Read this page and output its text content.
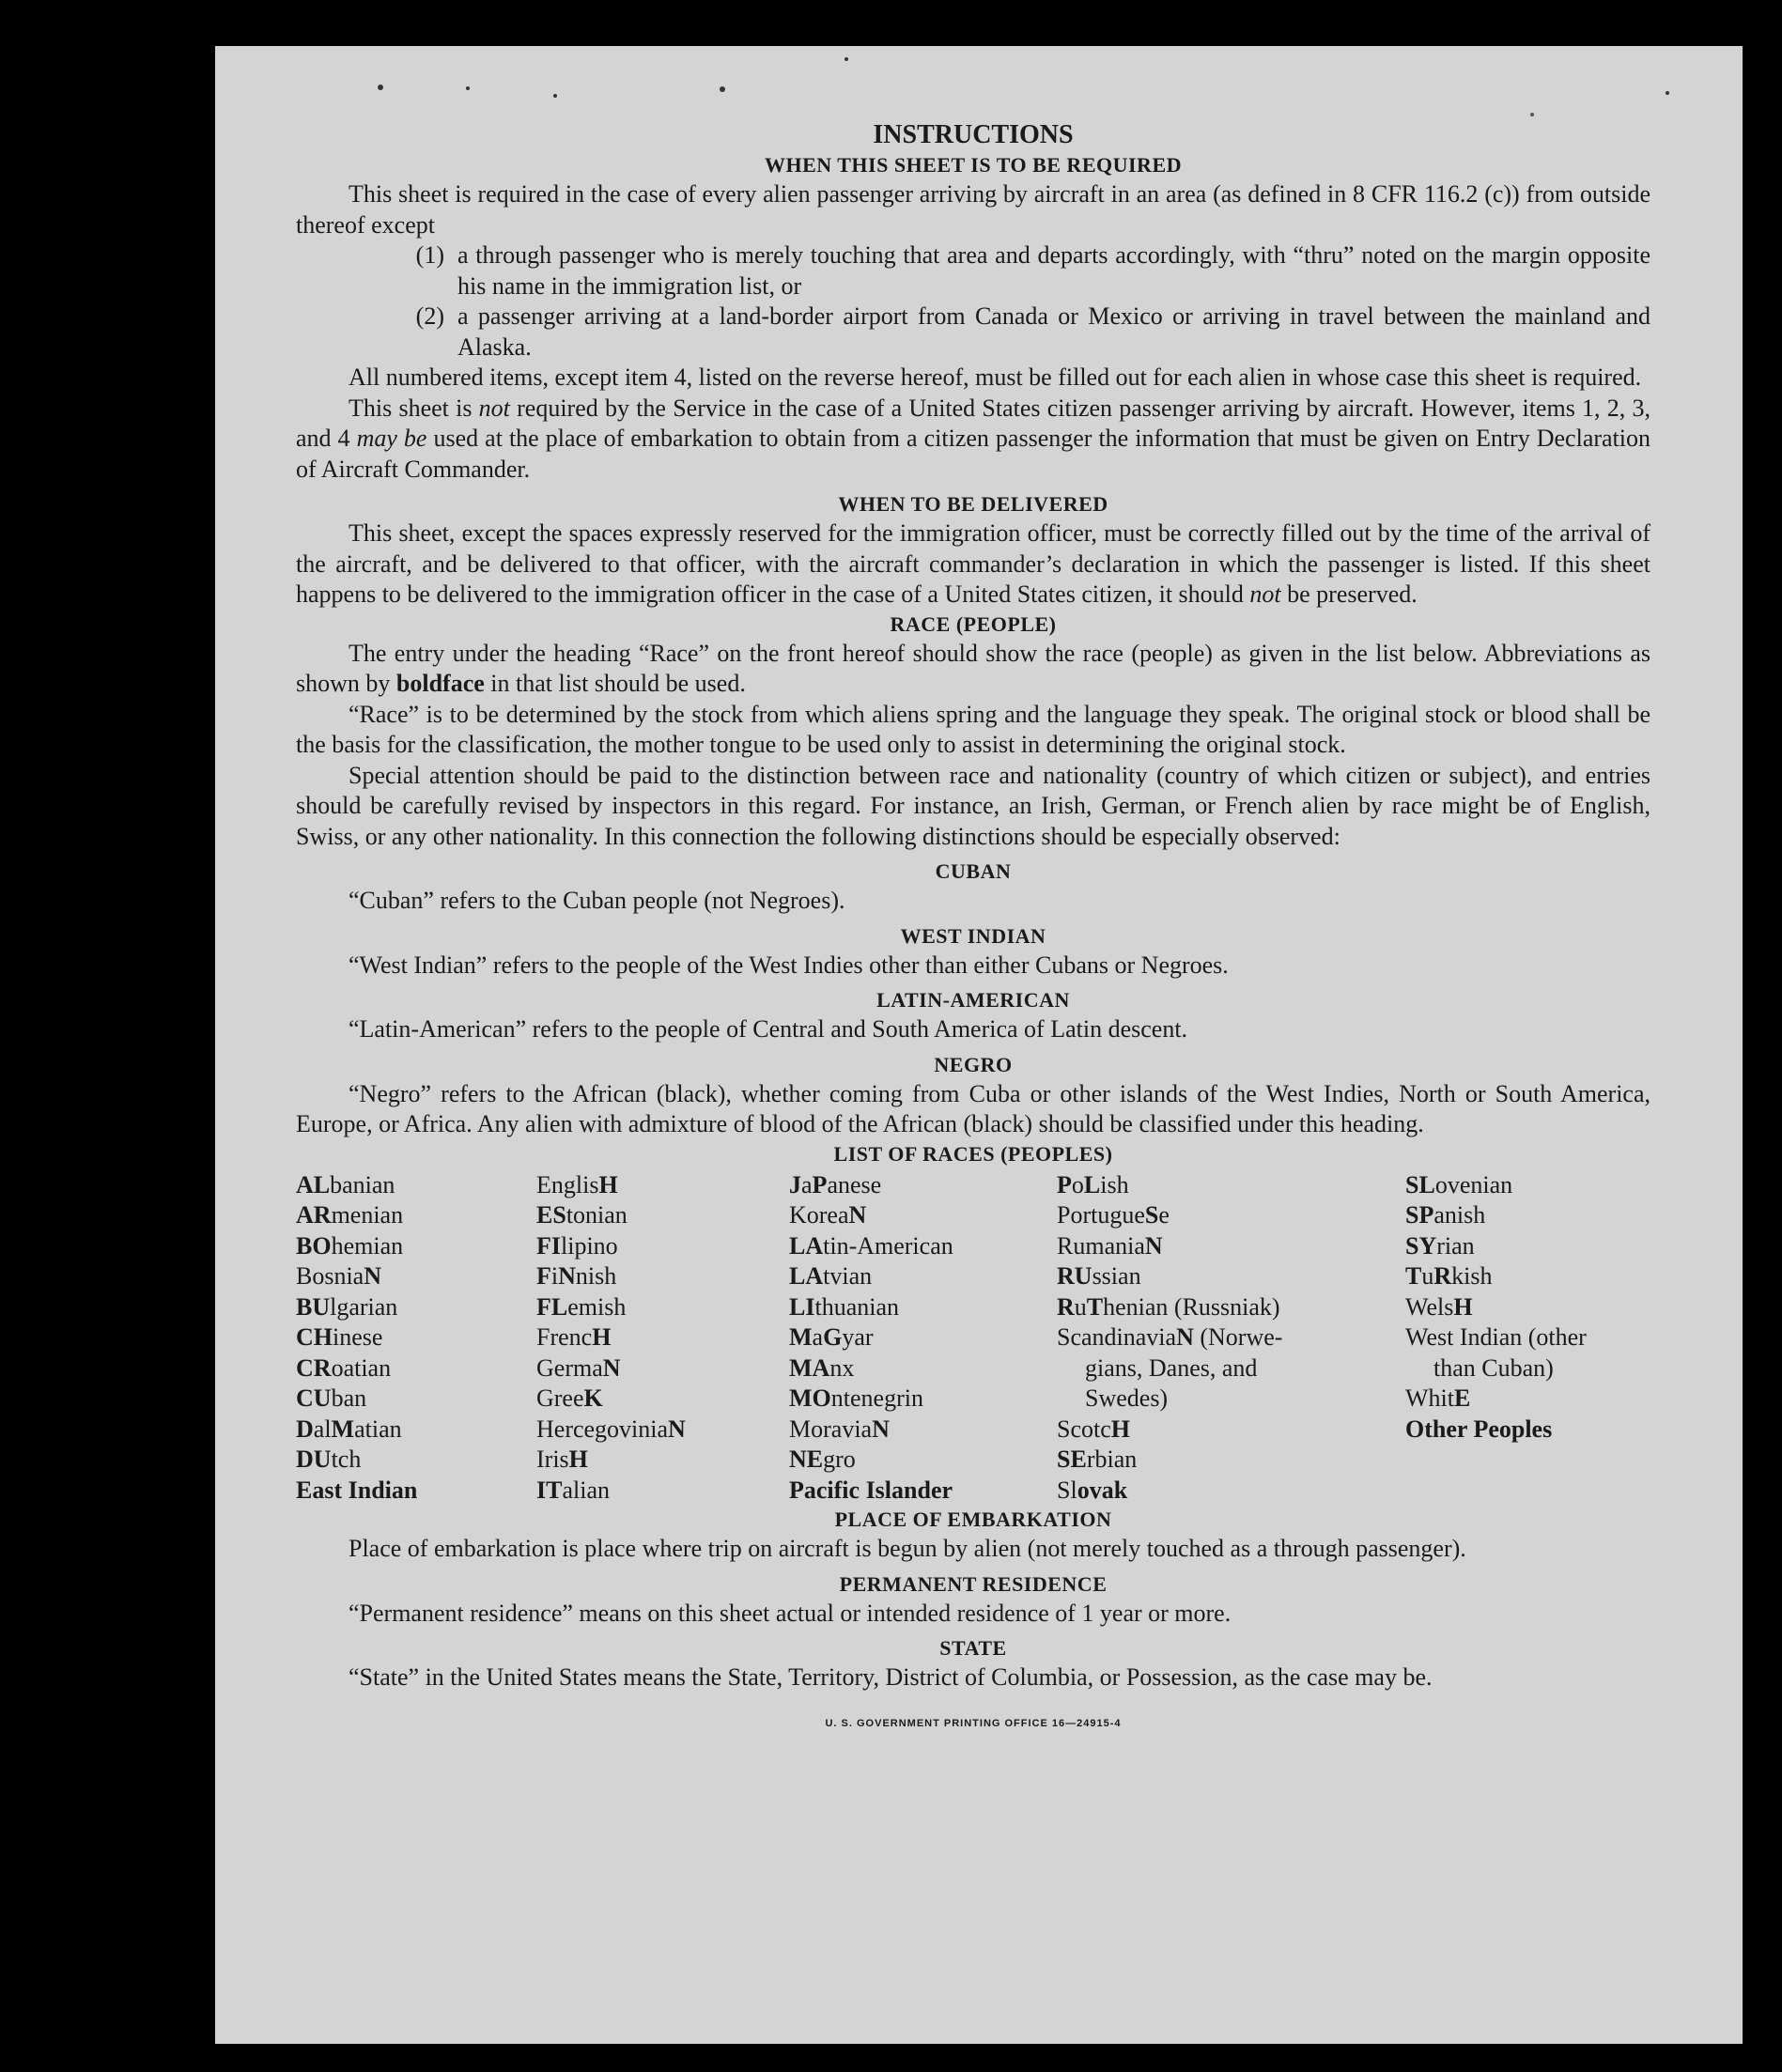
INSTRUCTIONS
WHEN THIS SHEET IS TO BE REQUIRED

This sheet is required in the case of every alien passenger arriving by aircraft in an area (as defined in 8 CFR 116.2 (c)) from outside thereof except

(1) a through passenger who is merely touching that area and departs accordingly, with “thru” noted on the margin opposite his name in the immigration list, or
(2) a passenger arriving at a land-border airport from Canada or Mexico or arriving in travel between the mainland and Alaska.

All numbered items, except item 4, listed on the reverse hereof, must be filled out for each alien in whose case this sheet is required.

This sheet is not required by the Service in the case of a United States citizen passenger arriving by aircraft. However, items 1, 2, 3, and 4 may be used at the place of embarkation to obtain from a citizen passenger the information that must be given on Entry Declaration of Aircraft Commander.

WHEN TO BE DELIVERED

This sheet, except the spaces expressly reserved for the immigration officer, must be correctly filled out by the time of the arrival of the aircraft, and be delivered to that officer, with the aircraft commander’s declaration in which the passenger is listed. If this sheet happens to be delivered to the immigration officer in the case of a United States citizen, it should not be preserved.

RACE (PEOPLE)

The entry under the heading “Race” on the front hereof should show the race (people) as given in the list below. Abbreviations as shown by boldface in that list should be used.

“Race” is to be determined by the stock from which aliens spring and the language they speak. The original stock or blood shall be the basis for the classification, the mother tongue to be used only to assist in determining the original stock.

Special attention should be paid to the distinction between race and nationality (country of which citizen or subject), and entries should be carefully revised by inspectors in this regard. For instance, an Irish, German, or French alien by race might be of English, Swiss, or any other nationality. In this connection the following distinctions should be especially observed:

CUBAN

“Cuban” refers to the Cuban people (not Negroes).

WEST INDIAN

“West Indian” refers to the people of the West Indies other than either Cubans or Negroes.

LATIN-AMERICAN

“Latin-American” refers to the people of Central and South America of Latin descent.

NEGRO

“Negro” refers to the African (black), whether coming from Cuba or other islands of the West Indies, North or South America, Europe, or Africa. Any alien with admixture of blood of the African (black) should be classified under this heading.

LIST OF RACES (PEOPLES)
ALbanian
ARmenian
BOhemian
BosniaN
BUlgarian
CHinese
CRoatian
CUban
DalMatian
DUtch
East Indian
EnglisH
EStonian
FIlipino
FiNnish
FLemish
FrencH
GermaN
GreeK
HercegoviniaN
IrisH
ITalian
JaPanese
KoreaN
LAtin-American
LAtvian
LIthuanian
MaGyar
MAnx
MOntenegrin
MoraviaN
NEgro
Pacific Islander
PoLish
PortugueSe
RumaniaN
RUssian
RuThenian (Russniak)
ScandinaviaN (Norwe-
gians, Danes, and
Swedes)
ScotcH
SErbian
Slovak
SLovenian
SPanish
SYrian
TuRkish
WelsH
West Indian (other
than Cuban)
WhitE
Other Peoples
PLACE OF EMBARKATION

Place of embarkation is place where trip on aircraft is begun by alien (not merely touched as a through passenger).

PERMANENT RESIDENCE

“Permanent residence” means on this sheet actual or intended residence of 1 year or more.

STATE

“State” in the United States means the State, Territory, District of Columbia, or Possession, as the case may be.

U. S. GOVERNMENT PRINTING OFFICE 16—24915-4
